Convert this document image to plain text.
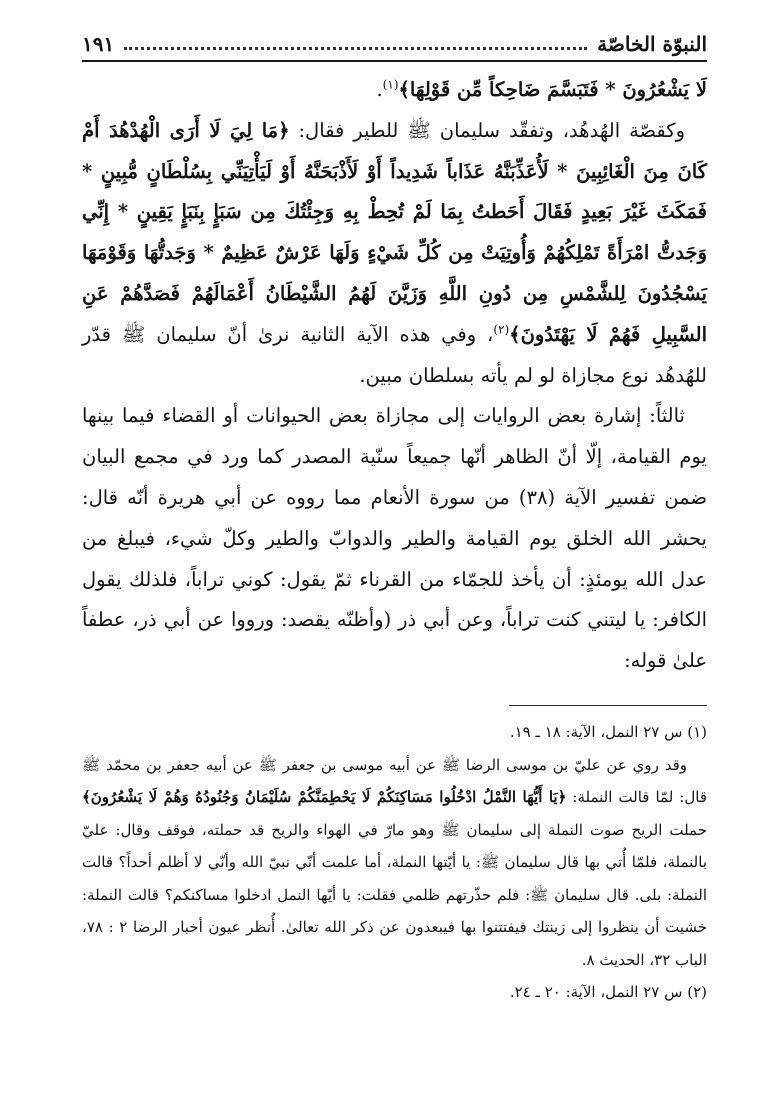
النبوّة الخاصّة
١٩١

لَا يَشْعُرُونَ * فَتَبَسَّمَ ضَاحِكاً مِّن قَوْلِهَا﴾$^{(١)}$.

وكقصّة الهُدهُد، وتفقّد سليمان ﷺ للطير فقال: ﴿مَا لِيَ لَا أَرَى الْهُدْهُدَ أَمْ كَانَ مِنَ الْغَائِبِينَ * لَأُعَذِّبَنَّهُ عَذَاباً شَدِيداً أَوْ لَأَذْبَحَنَّهُ أَوْ لَيَأْتِيَنِّي بِسُلْطَانٍ مُّبِينٍ * فَمَكَثَ غَيْرَ بَعِيدٍ فَقَالَ أَحَطتُ بِمَا لَمْ تُحِطْ بِهِ وَجِئْتُكَ مِن سَبَإٍ بِنَبَإٍ يَقِينٍ * إِنِّي وَجَدتُّ امْرَأَةً تَمْلِكُهُمْ وَأُوتِيَتْ مِن كُلِّ شَيْءٍ وَلَهَا عَرْشٌ عَظِيمٌ * وَجَدتُّهَا وَقَوْمَهَا يَسْجُدُونَ لِلشَّمْسِ مِن دُونِ اللَّهِ وَزَيَّنَ لَهُمُ الشَّيْطَانُ أَعْمَالَهُمْ فَصَدَّهُمْ عَنِ السَّبِيلِ فَهُمْ لَا يَهْتَدُونَ﴾$^{(٢)}$، وفي هذه الآية الثانية نرىٰ أنّ سليمان ﷺ قدّر للهُدهُد نوع مجازاة لو لم يأته بسلطان مبين.

ثالثاً: إشارة بعض الروايات إلى مجازاة بعض الحيوانات أو القضاء فيما بينها يوم القيامة، إلّا أنّ الظاهر أنّها جميعاً سنّية المصدر كما ورد في مجمع البيان ضمن تفسير الآية (٣٨) من سورة الأنعام مما رووه عن أبي هريرة أنّه قال: يحشر الله الخلق يوم القيامة والطير والدوابّ والطير وكلّ شيء، فيبلغ من عدل الله يومئذٍ: أن يأخذ للجمّاء من القرناء ثمّ يقول: كوني تراباً، فلذلك يقول الكافر: يا ليتني كنت تراباً، وعن أبي ذر (وأظنّه يقصد: ورووا عن أبي ذر، عطفاً علىٰ قوله:

(١) س ٢٧ النمل، الآية: ١٨ ـ ١٩.

وقد روي عن عليّ بن موسى الرضا ﷺ عن أبيه موسى بن جعفر ﷺ عن أبيه جعفر بن محمّد ﷺ قال: لمّا قالت النملة: ﴿يَا أَيُّهَا النَّمْلُ ادْخُلُوا مَسَاكِنَكُمْ لَا يَحْطِمَنَّكُمْ سُلَيْمَانُ وَجُنُودُهُ وَهُمْ لَا يَشْعُرُونَ﴾ حملت الريح صوت النملة إلى سليمان ﷺ وهو مارّ في الهواء والريح قد حملته، فوقف وقال: عليّ بالنملة، فلمّا أُتي بها قال سليمان ﷺ: يا أيّتها النملة، أما علمت أنّي نبيّ الله وأنّي لا أظلم أحداً؟ قالت النملة: بلى. قال سليمان ﷺ: فلم حذّرتهم ظلمي فقلت: يا أيّها النمل ادخلوا مساكنكم؟ قالت النملة: خشيت أن ينظروا إلى زينتك فيفتتنوا بها فيبعدون عن ذكر الله تعالىٰ. أُنظر عيون أخبار الرضا ٢ : ٧٨، الباب ٣٢، الحديث ٨.

(٢) س ٢٧ النمل، الآية: ٢٠ ـ ٢٤.
